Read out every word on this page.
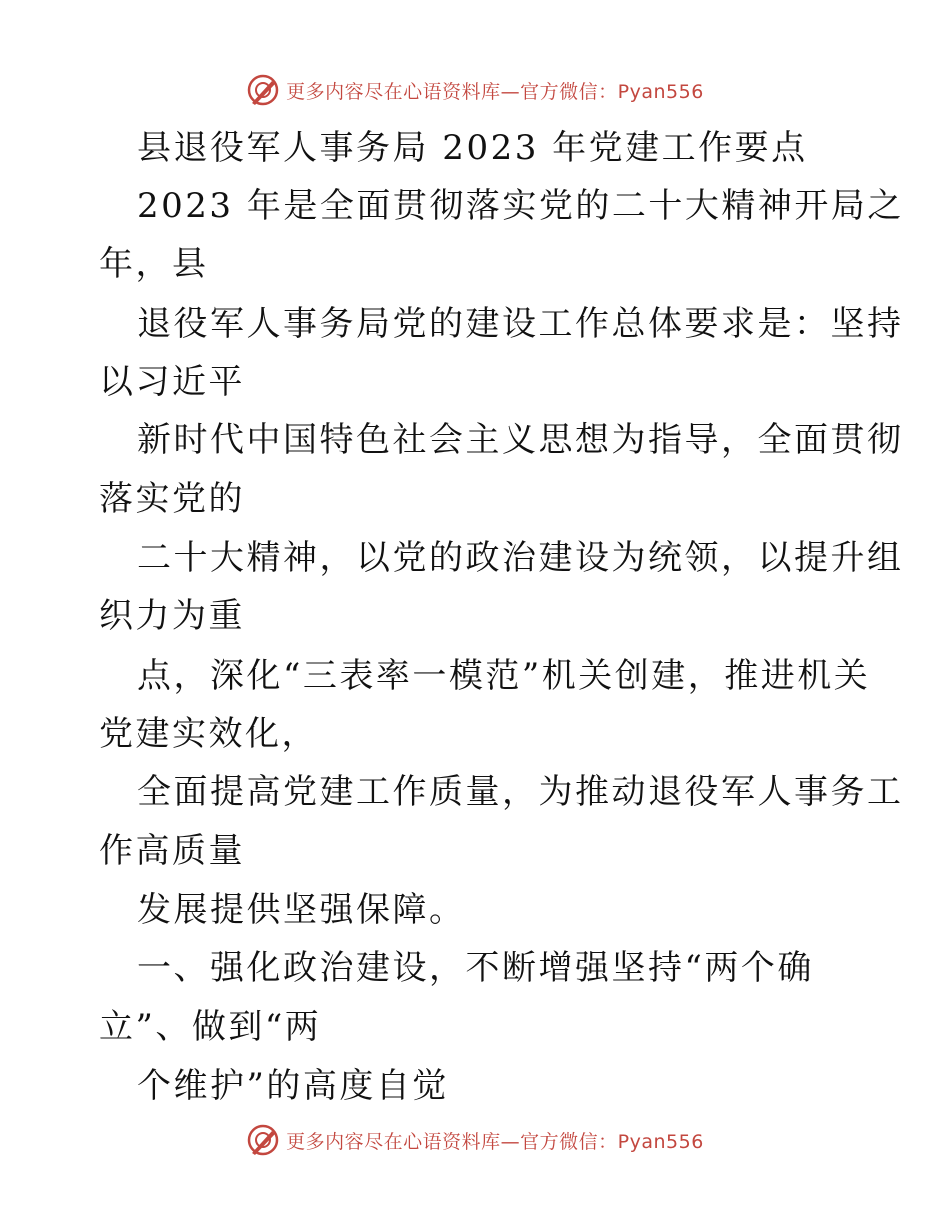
更多内容尽在心语资料库—官方微信：Pyan556
县退役军人事务局 2023 年党建工作要点
2023 年是全面贯彻落实党的二十大精神开局之
年，县
退役军人事务局党的建设工作总体要求是：坚持
以习近平
新时代中国特色社会主义思想为指导，全面贯彻
落实党的
二十大精神，以党的政治建设为统领，以提升组
织力为重
点，深化“三表率一模范”机关创建，推进机关
党建实效化，
全面提高党建工作质量，为推动退役军人事务工
作高质量
发展提供坚强保障。
一、强化政治建设，不断增强坚持“两个确
立”、做到“两
个维护”的高度自觉
更多内容尽在心语资料库—官方微信：Pyan556
